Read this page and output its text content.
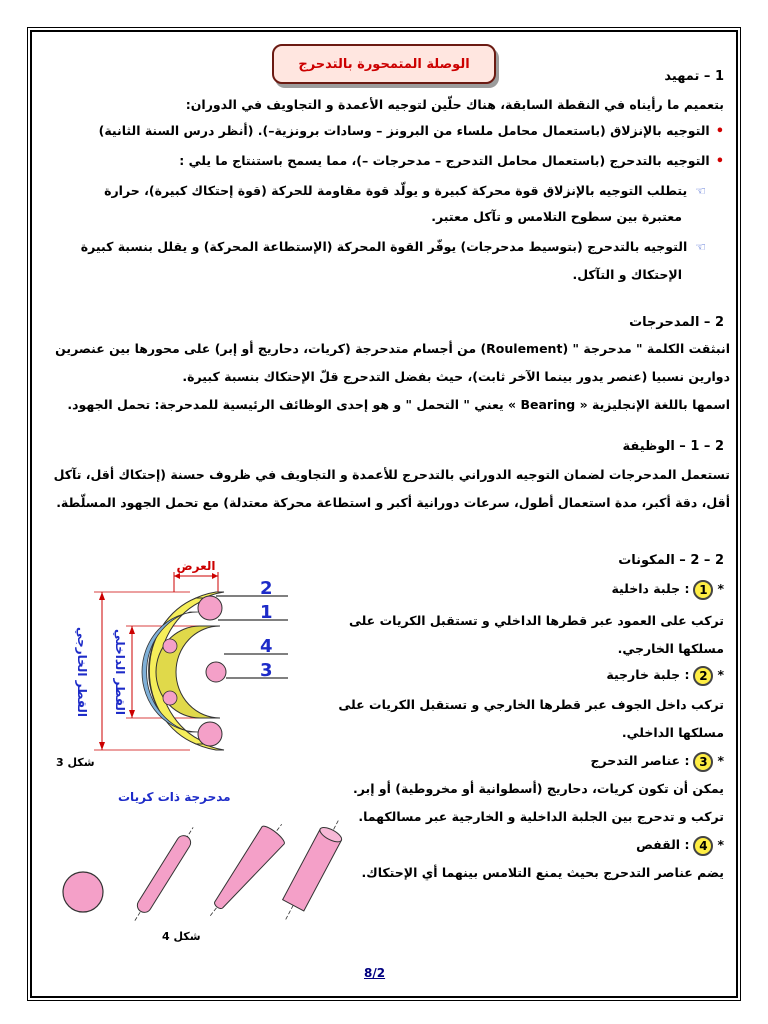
الوصلة المتمحورة بالتدحرج
1 – تمهيد
بتعميم ما رأيناه في النقطة السابقة، هناك حلّين لتوجيه الأعمدة و التجاويف في الدوران:
•التوجيه بالإنزلاق (باستعمال محامل ملساء من البرونز – وسادات برونزية–). (أنظر درس السنة الثانية)
•التوجيه بالتدحرج (باستعمال محامل التدحرج – مدحرجات –)، مما يسمح باستنتاج ما يلي :
☜يتطلب التوجيه بالإنزلاق قوة محركة كبيرة و يولّد قوة مقاومة للحركة (قوة إحتكاك كبيرة)، حرارة
معتبرة بين سطوح التلامس و تآكل معتبر.
☜التوجيه بالتدحرج (بتوسيط مدحرجات) يوفّر القوة المحركة (الإستطاعة المحركة) و يقلل بنسبة كبيرة
الإحتكاك و التآكل.
2 – المدحرجات
انبثقت الكلمة " مدحرجة " (Roulement) من أجسام متدحرجة (كريات، دحاريج أو إبر) على محورها بين عنصرين
دوارين نسبيا (عنصر يدور بينما الآخر ثابت)، حيث بفضل التدحرج قلّ الإحتكاك بنسبة كبيرة.
اسمها باللغة الإنجليزية « Bearing » يعني " التحمل " و هو إحدى الوظائف الرئيسية للمدحرجة: تحمل الجهود.
2 – 1 – الوظيفة
تستعمل المدحرجات لضمان التوجيه الدوراني بالتدحرج للأعمدة و التجاويف في ظروف حسنة (إحتكاك أقل، تآكل
أقل، دقة أكبر، مدة استعمال أطول، سرعات دورانية أكبر و استطاعة محركة معتدلة) مع تحمل الجهود المسلّطة.
2 – 2 – المكونات
*1: جلبة داخلية
تركب على العمود عبر قطرها الداخلي و تستقبل الكريات على
مسلكها الخارجي.
*2: جلبة خارجية
تركب داخل الجوف عبر قطرها الخارجي و تستقبل الكريات على
مسلكها الداخلي.
*3: عناصر التدحرج
يمكن أن تكون كريات، دحاريج (أسطوانية أو مخروطية) أو إبر.
تركب و تدحرج بين الجلبة الداخلية و الخارجية عبر مسالكهما.
*4: القفص
يضم عناصر التدحرج بحيث يمنع التلامس بينهما أي الإحتكاك.
العرض
القطر الخارجي القطر الداخلي
2
1
4
3
شكل 3
مدحرجة ذات كريات
شكل 4
8/2
